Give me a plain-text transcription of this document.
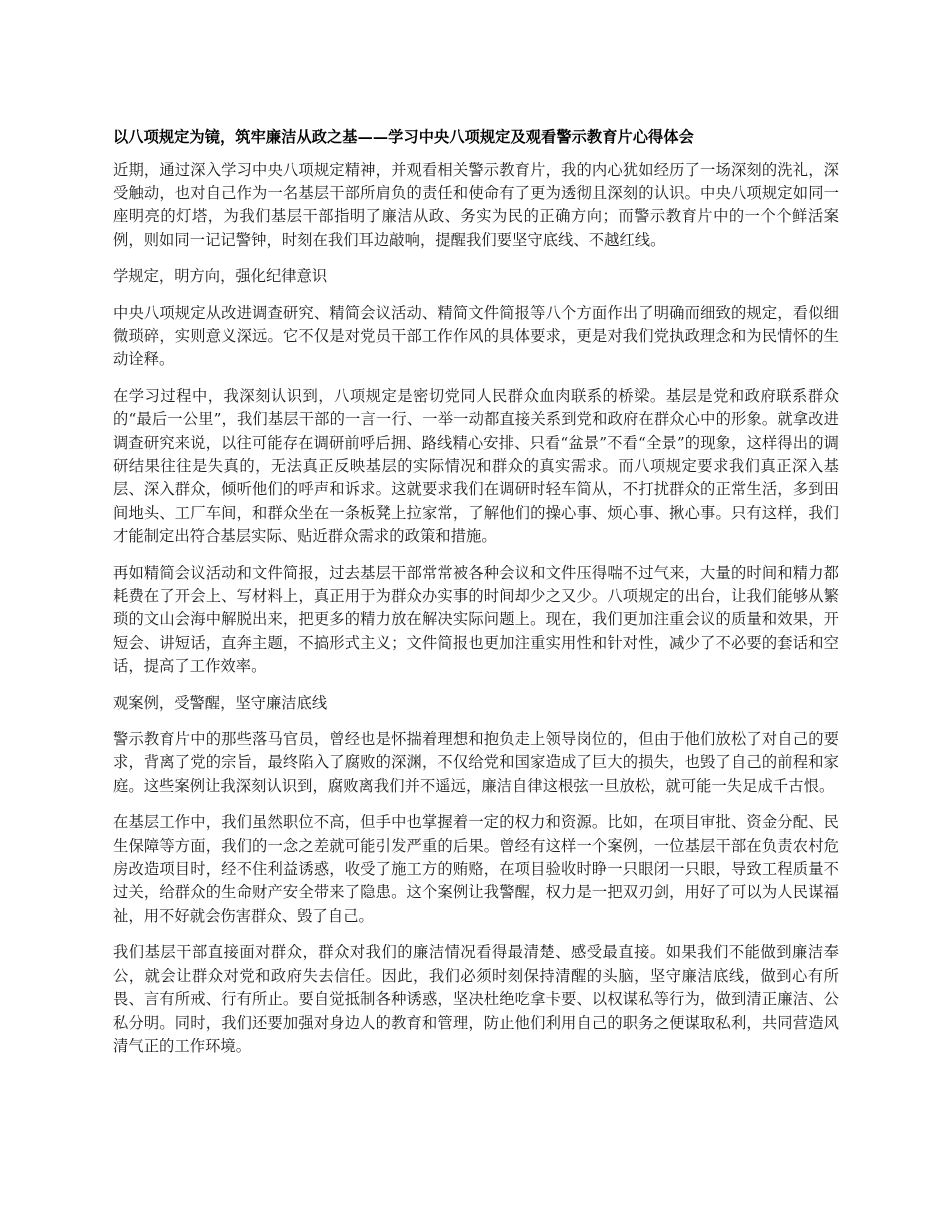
以八项规定为镜，筑牢廉洁从政之基——学习中央八项规定及观看警示教育片心得体会

近期，通过深入学习中央八项规定精神，并观看相关警示教育片，我的内心犹如经历了一场深刻的洗礼，深受触动，也对自己作为一名基层干部所肩负的责任和使命有了更为透彻且深刻的认识。中央八项规定如同一座明亮的灯塔，为我们基层干部指明了廉洁从政、务实为民的正确方向；而警示教育片中的一个个鲜活案例，则如同一记记警钟，时刻在我们耳边敲响，提醒我们要坚守底线、不越红线。

学规定，明方向，强化纪律意识

中央八项规定从改进调查研究、精简会议活动、精简文件简报等八个方面作出了明确而细致的规定，看似细微琐碎，实则意义深远。它不仅是对党员干部工作作风的具体要求，更是对我们党执政理念和为民情怀的生动诠释。

在学习过程中，我深刻认识到，八项规定是密切党同人民群众血肉联系的桥梁。基层是党和政府联系群众的“最后一公里”，我们基层干部的一言一行、一举一动都直接关系到党和政府在群众心中的形象。就拿改进调查研究来说，以往可能存在调研前呼后拥、路线精心安排、只看“盆景”不看“全景”的现象，这样得出的调研结果往往是失真的，无法真正反映基层的实际情况和群众的真实需求。而八项规定要求我们真正深入基层、深入群众，倾听他们的呼声和诉求。这就要求我们在调研时轻车简从，不打扰群众的正常生活，多到田间地头、工厂车间，和群众坐在一条板凳上拉家常，了解他们的操心事、烦心事、揪心事。只有这样，我们才能制定出符合基层实际、贴近群众需求的政策和措施。

再如精简会议活动和文件简报，过去基层干部常常被各种会议和文件压得喘不过气来，大量的时间和精力都耗费在了开会上、写材料上，真正用于为群众办实事的时间却少之又少。八项规定的出台，让我们能够从繁琐的文山会海中解脱出来，把更多的精力放在解决实际问题上。现在，我们更加注重会议的质量和效果，开短会、讲短话，直奔主题，不搞形式主义；文件简报也更加注重实用性和针对性，减少了不必要的套话和空话，提高了工作效率。

观案例，受警醒，坚守廉洁底线

警示教育片中的那些落马官员，曾经也是怀揣着理想和抱负走上领导岗位的，但由于他们放松了对自己的要求，背离了党的宗旨，最终陷入了腐败的深渊，不仅给党和国家造成了巨大的损失，也毁了自己的前程和家庭。这些案例让我深刻认识到，腐败离我们并不遥远，廉洁自律这根弦一旦放松，就可能一失足成千古恨。

在基层工作中，我们虽然职位不高，但手中也掌握着一定的权力和资源。比如，在项目审批、资金分配、民生保障等方面，我们的一念之差就可能引发严重的后果。曾经有这样一个案例，一位基层干部在负责农村危房改造项目时，经不住利益诱惑，收受了施工方的贿赂，在项目验收时睁一只眼闭一只眼，导致工程质量不过关，给群众的生命财产安全带来了隐患。这个案例让我警醒，权力是一把双刃剑，用好了可以为人民谋福祉，用不好就会伤害群众、毁了自己。

我们基层干部直接面对群众，群众对我们的廉洁情况看得最清楚、感受最直接。如果我们不能做到廉洁奉公，就会让群众对党和政府失去信任。因此，我们必须时刻保持清醒的头脑，坚守廉洁底线，做到心有所畏、言有所戒、行有所止。要自觉抵制各种诱惑，坚决杜绝吃拿卡要、以权谋私等行为，做到清正廉洁、公私分明。同时，我们还要加强对身边人的教育和管理，防止他们利用自己的职务之便谋取私利，共同营造风清气正的工作环境。
